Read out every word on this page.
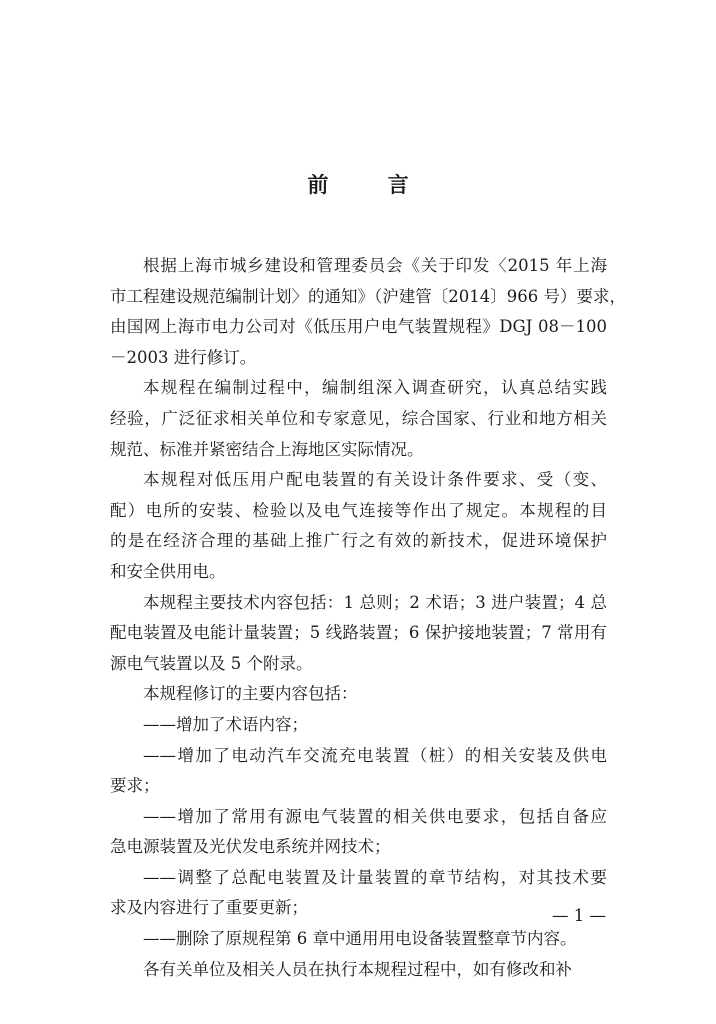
前 言

根据上海市城乡建设和管理委员会《关于印发〈2015 年上海
市工程建设规范编制计划〉的通知》（沪建管〔2014〕966 号）要求，
由国网上海市电力公司对《低压用户电气装置规程》DGJ 08－100
－2003 进行修订。

本规程在编制过程中，编制组深入调查研究，认真总结实践
经验，广泛征求相关单位和专家意见，综合国家、行业和地方相关
规范、标准并紧密结合上海地区实际情况。

本规程对低压用户配电装置的有关设计条件要求、受（变、
配）电所的安装、检验以及电气连接等作出了规定。本规程的目
的是在经济合理的基础上推广行之有效的新技术，促进环境保护
和安全供用电。

本规程主要技术内容包括：1 总则；2 术语；3 进户装置；4 总
配电装置及电能计量装置；5 线路装置；6 保护接地装置；7 常用有
源电气装置以及 5 个附录。

本规程修订的主要内容包括：

——增加了术语内容；

——增加了电动汽车交流充电装置（桩）的相关安装及供电
要求；

——增加了常用有源电气装置的相关供电要求，包括自备应
急电源装置及光伏发电系统并网技术；

——调整了总配电装置及计量装置的章节结构，对其技术要
求及内容进行了重要更新；

——删除了原规程第 6 章中通用用电设备装置整章节内容。

各有关单位及相关人员在执行本规程过程中，如有修改和补

— 1 —
